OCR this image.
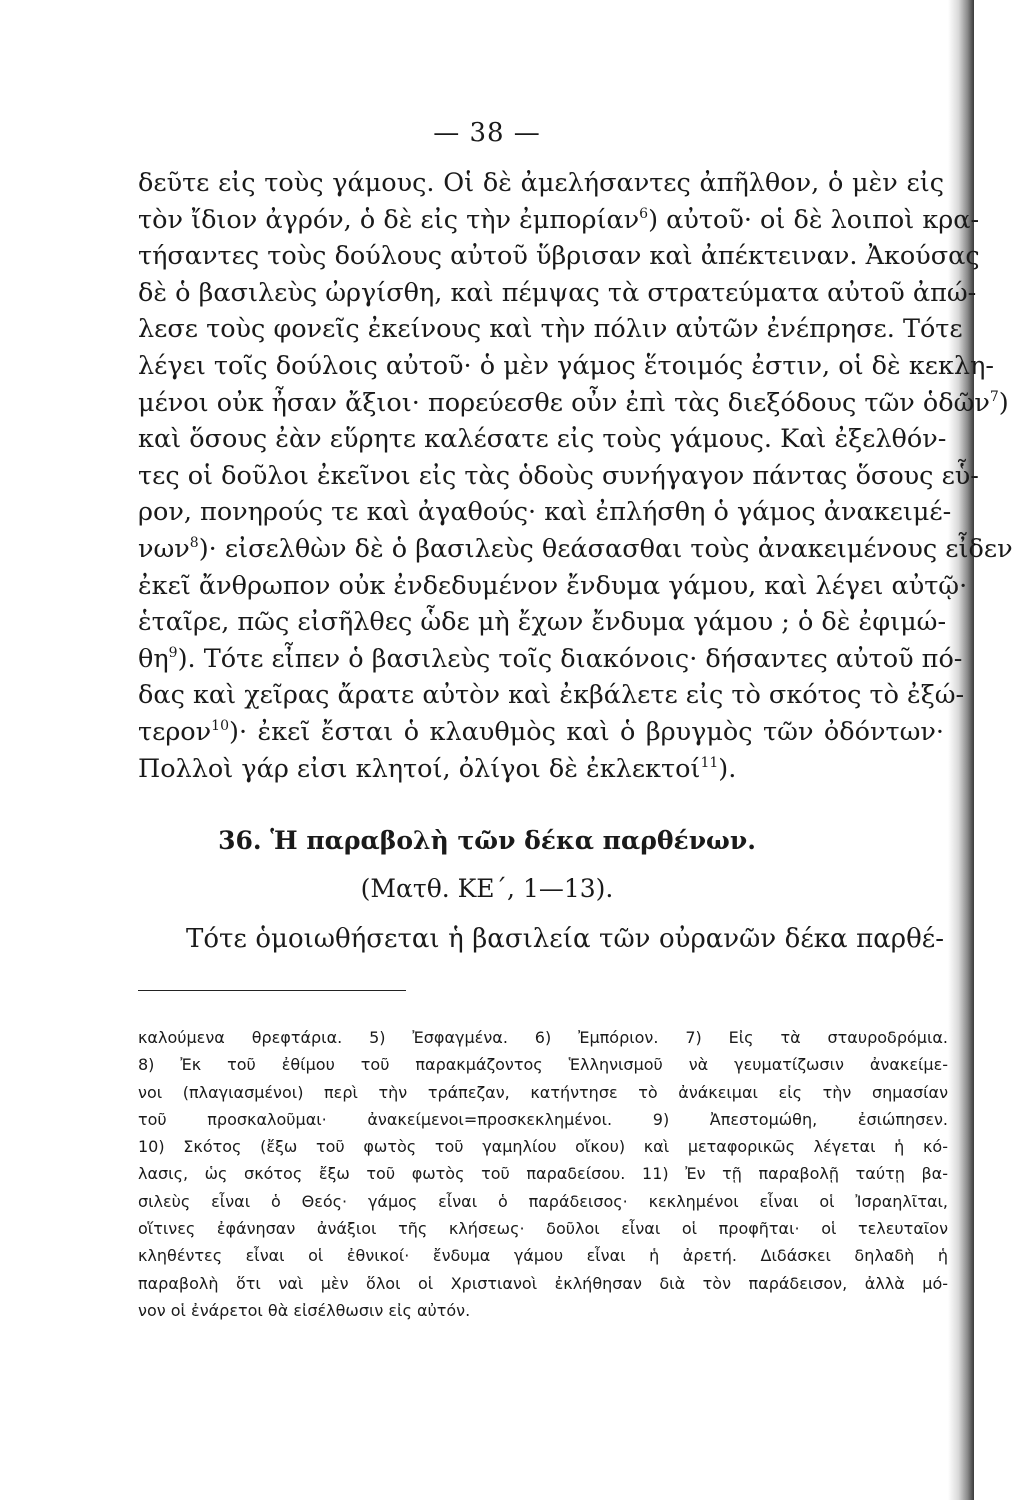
— 38 —
δεῦτε εἰς τοὺς γάμους. Οἱ δὲ ἀμελήσαντες ἀπῆλθον, ὁ μὲν εἰς
τὸν ἴδιον ἀγρόν, ὁ δὲ εἰς τὴν ἐμπορίαν$^6$) αὐτοῦ· οἱ δὲ λοιποὶ κρα-
τήσαντες τοὺς δούλους αὐτοῦ ὕβρισαν καὶ ἀπέκτειναν. Ἀκούσας
δὲ ὁ βασιλεὺς ὠργίσθη, καὶ πέμψας τὰ στρατεύματα αὐτοῦ ἀπώ-
λεσε τοὺς φονεῖς ἐκείνους καὶ τὴν πόλιν αὐτῶν ἐνέπρησε. Τότε
λέγει τοῖς δούλοις αὐτοῦ· ὁ μὲν γάμος ἕτοιμός ἐστιν, οἱ δὲ κεκλη-
μένοι οὐκ ἦσαν ἄξιοι· πορεύεσθε οὖν ἐπὶ τὰς διεξόδους τῶν ὁδῶν$^7$)
καὶ ὅσους ἐὰν εὕρητε καλέσατε εἰς τοὺς γάμους. Καὶ ἐξελθόν-
τες οἱ δοῦλοι ἐκεῖνοι εἰς τὰς ὁδοὺς συνήγαγον πάντας ὅσους εὗ-
ρον, πονηρούς τε καὶ ἀγαθούς· καὶ ἐπλήσθη ὁ γάμος ἀνακειμέ-
νων$^8$)· εἰσελθὼν δὲ ὁ βασιλεὺς θεάσασθαι τοὺς ἀνακειμένους εἶδεν
ἐκεῖ ἄνθρωπον οὐκ ἐνδεδυμένον ἔνδυμα γάμου, καὶ λέγει αὐτῷ·
ἑταῖρε, πῶς εἰσῆλθες ὧδε μὴ ἔχων ἔνδυμα γάμου ; ὁ δὲ ἐφιμώ-
$\theta\eta^9$). Τότε εἶπεν ὁ βασιλεὺς τοῖς διακόνοις· δήσαντες αὐτοῦ πό-
δας καὶ χεῖρας ἄρατε αὐτὸν καὶ ἐκβάλετε εἰς τὸ σκότος τὸ ἐξώ-
τερον$^{10}$)· ἐκεῖ ἔσται ὁ κλαυθμὸς καὶ ὁ βρυγμὸς τῶν ὀδόντων·
Πολλοὶ γάρ εἰσι κλητοί, ὀλίγοι δὲ ἐκλεκτοί$^{11}$).
36. Ἡ παραβολὴ τῶν δέκα παρθένων.
(Ματθ. ΚΕ΄, 1—13).
Τότε ὁμοιωθήσεται ἡ βασιλεία τῶν οὐρανῶν δέκα παρθέ-
καλούμενα θρεφτάρια. 5) Ἐσφαγμένα. 6) Ἐμπόριον. 7) Εἰς τὰ σταυροδρόμια.
8) Ἐκ τοῦ ἐθίμου τοῦ παρακμάζοντος Ἑλληνισμοῦ νὰ γευματίζωσιν ἀνακείμε-
νοι (πλαγιασμένοι) περὶ τὴν τράπεζαν, κατήντησε τὸ ἀνάκειμαι εἰς τὴν σημασίαν
τοῦ προσκαλοῦμαι· ἀνακείμενοι=προσκεκλημένοι. 9) Ἀπεστομώθη, ἐσιώπησεν.
10) Σκότος (ἔξω τοῦ φωτὸς τοῦ γαμηλίου οἴκου) καὶ μεταφορικῶς λέγεται ἡ κό-
λασις, ὡς σκότος ἔξω τοῦ φωτὸς τοῦ παραδείσου. 11) Ἐν τῇ παραβολῇ ταύτῃ βα-
σιλεὺς εἶναι ὁ Θεός· γάμος εἶναι ὁ παράδεισος· κεκλημένοι εἶναι οἱ Ἰσραηλῖται,
οἵτινες ἐφάνησαν ἀνάξιοι τῆς κλήσεως· δοῦλοι εἶναι οἱ προφῆται· οἱ τελευταῖον
κληθέντες εἶναι οἱ ἐθνικοί· ἔνδυμα γάμου εἶναι ἡ ἀρετή. Διδάσκει δηλαδὴ ἡ
παραβολὴ ὅτι ναὶ μὲν ὅλοι οἱ Χριστιανοὶ ἐκλήθησαν διὰ τὸν παράδεισον, ἀλλὰ μό-
νον οἱ ἐνάρετοι θὰ εἰσέλθωσιν εἰς αὐτόν.
